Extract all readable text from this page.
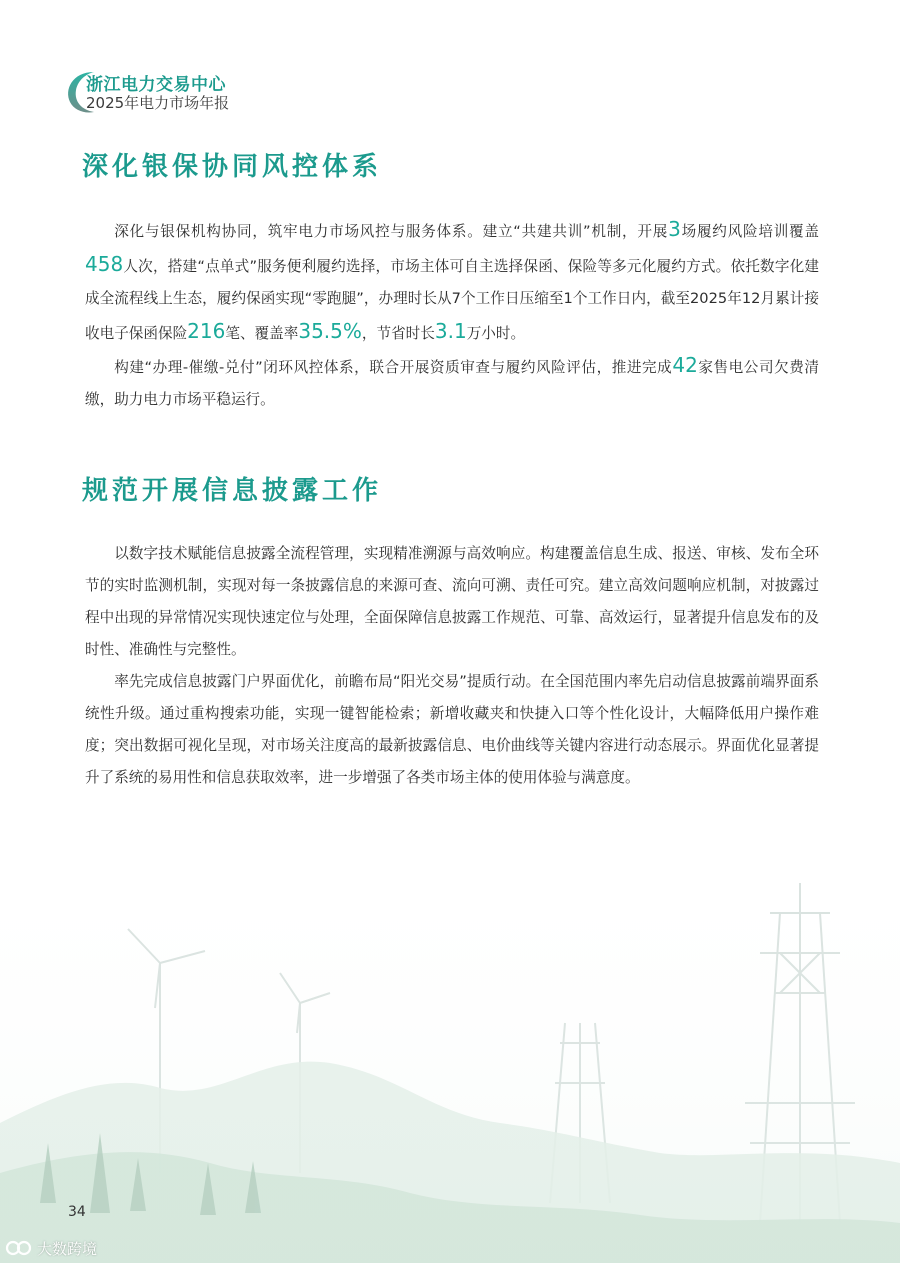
浙江电力交易中心
2025年电力市场年报
深化银保协同风控体系

深化与银保机构协同，筑牢电力市场风控与服务体系。建立“共建共训”机制，开展3场履约风险培训覆盖458人次，搭建“点单式”服务便利履约选择，市场主体可自主选择保函、保险等多元化履约方式。依托数字化建成全流程线上生态，履约保函实现“零跑腿”，办理时长从7个工作日压缩至1个工作日内，截至2025年12月累计接收电子保函保险216笔、覆盖率35.5%，节省时长3.1万小时。

构建“办理-催缴-兑付”闭环风控体系，联合开展资质审查与履约风险评估，推进完成42家售电公司欠费清缴，助力电力市场平稳运行。

规范开展信息披露工作

以数字技术赋能信息披露全流程管理，实现精准溯源与高效响应。构建覆盖信息生成、报送、审核、发布全环节的实时监测机制，实现对每一条披露信息的来源可查、流向可溯、责任可究。建立高效问题响应机制，对披露过程中出现的异常情况实现快速定位与处理，全面保障信息披露工作规范、可靠、高效运行，显著提升信息发布的及时性、准确性与完整性。

率先完成信息披露门户界面优化，前瞻布局“阳光交易”提质行动。在全国范围内率先启动信息披露前端界面系统性升级。通过重构搜索功能，实现一键智能检索；新增收藏夹和快捷入口等个性化设计，大幅降低用户操作难度；突出数据可视化呈现，对市场关注度高的最新披露信息、电价曲线等关键内容进行动态展示。界面优化显著提升了系统的易用性和信息获取效率，进一步增强了各类市场主体的使用体验与满意度。

34
大数跨境
